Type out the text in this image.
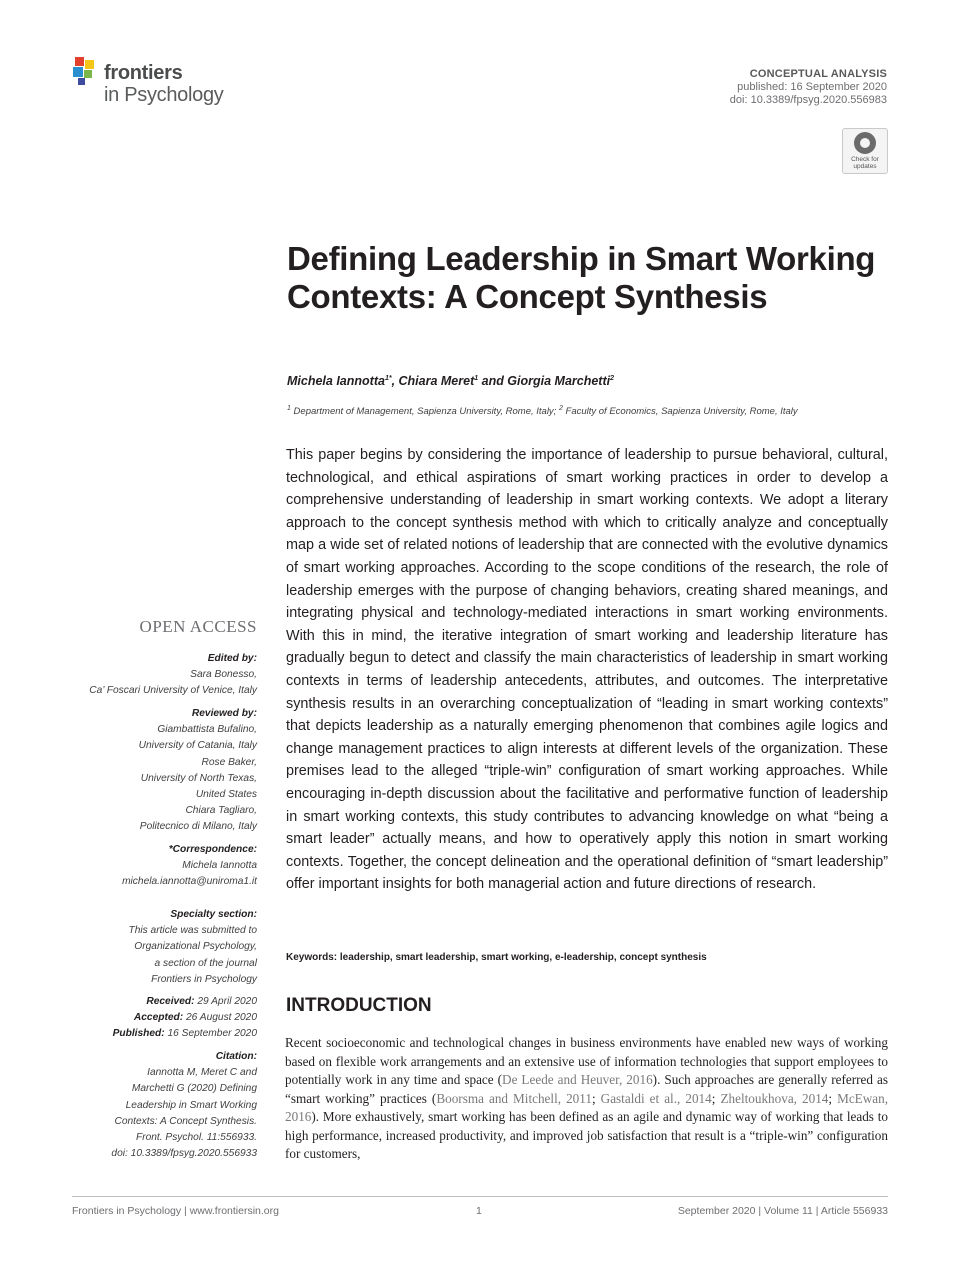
frontiers
in Psychology
CONCEPTUAL ANALYSIS
published: 16 September 2020
doi: 10.3389/fpsyg.2020.556983
Check for updates
Defining Leadership in Smart Working Contexts: A Concept Synthesis
Michela Iannotta$^{1*}$, Chiara Meret$^1$ and Giorgia Marchetti$^2$
$^1$ Department of Management, Sapienza University, Rome, Italy; $^2$ Faculty of Economics, Sapienza University, Rome, Italy
This paper begins by considering the importance of leadership to pursue behavioral, cultural, technological, and ethical aspirations of smart working practices in order to develop a comprehensive understanding of leadership in smart working contexts. We adopt a literary approach to the concept synthesis method with which to critically analyze and conceptually map a wide set of related notions of leadership that are connected with the evolutive dynamics of smart working approaches. According to the scope conditions of the research, the role of leadership emerges with the purpose of changing behaviors, creating shared meanings, and integrating physical and technology-mediated interactions in smart working environments. With this in mind, the iterative integration of smart working and leadership literature has gradually begun to detect and classify the main characteristics of leadership in smart working contexts in terms of leadership antecedents, attributes, and outcomes. The interpretative synthesis results in an overarching conceptualization of “leading in smart working contexts” that depicts leadership as a naturally emerging phenomenon that combines agile logics and change management practices to align interests at different levels of the organization. These premises lead to the alleged “triple-win” configuration of smart working approaches. While encouraging in-depth discussion about the facilitative and performative function of leadership in smart working contexts, this study contributes to advancing knowledge on what “being a smart leader” actually means, and how to operatively apply this notion in smart working contexts. Together, the concept delineation and the operational definition of “smart leadership” offer important insights for both managerial action and future directions of research.
Keywords: leadership, smart leadership, smart working, e-leadership, concept synthesis
INTRODUCTION
Recent socioeconomic and technological changes in business environments have enabled new ways of working based on flexible work arrangements and an extensive use of information technologies that support employees to potentially work in any time and space (De Leede and Heuver, 2016). Such approaches are generally referred as “smart working” practices (Boorsma and Mitchell, 2011; Gastaldi et al., 2014; Zheltoukhova, 2014; McEwan, 2016). More exhaustively, smart working has been defined as an agile and dynamic way of working that leads to high performance, increased productivity, and improved job satisfaction that result is a “triple-win” configuration for customers,
OPEN ACCESS
Edited by:
Sara Bonesso,
Ca’ Foscari University of Venice, Italy
Reviewed by:
Giambattista Bufalino,
University of Catania, Italy
Rose Baker,
University of North Texas,
United States
Chiara Tagliaro,
Politecnico di Milano, Italy
*Correspondence:
Michela Iannotta
michela.iannotta@uniroma1.it
Specialty section:
This article was submitted to
Organizational Psychology,
a section of the journal
Frontiers in Psychology
Received: 29 April 2020
Accepted: 26 August 2020
Published: 16 September 2020
Citation:
Iannotta M, Meret C and
Marchetti G (2020) Defining
Leadership in Smart Working
Contexts: A Concept Synthesis.
Front. Psychol. 11:556933.
doi: 10.3389/fpsyg.2020.556933
Frontiers in Psychology | www.frontiersin.org	1	September 2020 | Volume 11 | Article 556933
